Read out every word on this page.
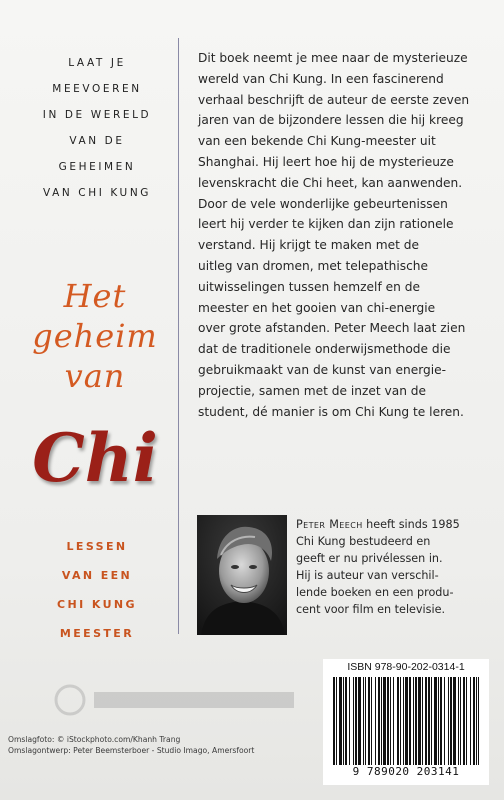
LAAT JE
MEEVOEREN
IN DE WERELD
VAN DE
GEHEIMEN
VAN CHI KUNG
Het
geheim
van
Chi
LESSEN
VAN EEN
CHI KUNG
MEESTER
Dit boek neemt je mee naar de mysterieuze
wereld van Chi Kung. In een fascinerend
verhaal beschrijft de auteur de eerste zeven
jaren van de bijzondere lessen die hij kreeg
van een bekende Chi Kung-meester uit
Shanghai. Hij leert hoe hij de mysterieuze
levenskracht die Chi heet, kan aanwenden.
Door de vele wonderlijke gebeurtenissen
leert hij verder te kijken dan zijn rationele
verstand. Hij krijgt te maken met de
uitleg van dromen, met telepathische
uitwisselingen tussen hemzelf en de
meester en het gooien van chi-energie
over grote afstanden. Peter Meech laat zien
dat de traditionele onderwijsmethode die
gebruikmaakt van de kunst van energie-
projectie, samen met de inzet van de
student, dé manier is om Chi Kung te leren.
Peter Meech heeft sinds 1985
Chi Kung bestudeerd en
geeft er nu privélessen in.
Hij is auteur van verschil-
lende boeken en een produ-
cent voor film en televisie.
Omslagfoto: © iStockphoto.com/Khanh Trang
Omslagontwerp: Peter Beemsterboer - Studio Imago, Amersfoort
ISBN 978-90-202-0314-1
9 789020 203141
